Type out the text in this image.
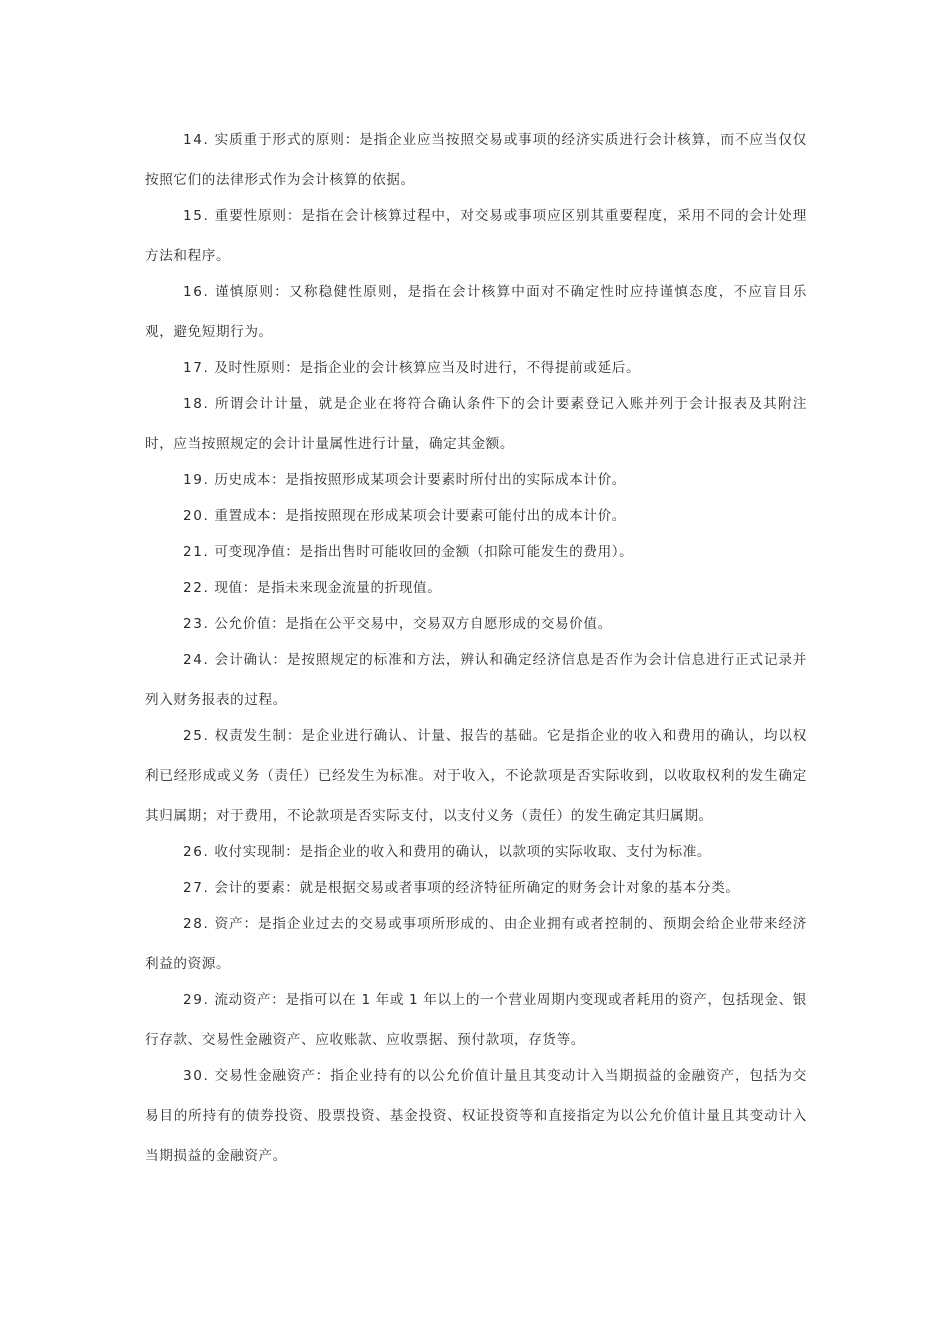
14. 实质重于形式的原则：是指企业应当按照交易或事项的经济实质进行会计核算，而不应当仅仅按照它们的法律形式作为会计核算的依据。

15. 重要性原则：是指在会计核算过程中，对交易或事项应区别其重要程度，采用不同的会计处理方法和程序。

16. 谨慎原则：又称稳健性原则，是指在会计核算中面对不确定性时应持谨慎态度，不应盲目乐观，避免短期行为。

17. 及时性原则：是指企业的会计核算应当及时进行，不得提前或延后。

18. 所谓会计计量，就是企业在将符合确认条件下的会计要素登记入账并列于会计报表及其附注时，应当按照规定的会计计量属性进行计量，确定其金额。

19. 历史成本：是指按照形成某项会计要素时所付出的实际成本计价。

20. 重置成本：是指按照现在形成某项会计要素可能付出的成本计价。

21. 可变现净值：是指出售时可能收回的金额（扣除可能发生的费用）。

22. 现值：是指未来现金流量的折现值。

23. 公允价值：是指在公平交易中，交易双方自愿形成的交易价值。

24. 会计确认：是按照规定的标准和方法，辨认和确定经济信息是否作为会计信息进行正式记录并列入财务报表的过程。

25. 权责发生制：是企业进行确认、计量、报告的基础。它是指企业的收入和费用的确认，均以权利已经形成或义务（责任）已经发生为标准。对于收入，不论款项是否实际收到，以收取权利的发生确定其归属期；对于费用，不论款项是否实际支付，以支付义务（责任）的发生确定其归属期。

26. 收付实现制：是指企业的收入和费用的确认，以款项的实际收取、支付为标准。

27. 会计的要素：就是根据交易或者事项的经济特征所确定的财务会计对象的基本分类。

28. 资产：是指企业过去的交易或事项所形成的、由企业拥有或者控制的、预期会给企业带来经济利益的资源。

29. 流动资产：是指可以在 1 年或 1 年以上的一个营业周期内变现或者耗用的资产，包括现金、银行存款、交易性金融资产、应收账款、应收票据、预付款项，存货等。

30. 交易性金融资产：指企业持有的以公允价值计量且其变动计入当期损益的金融资产，包括为交易目的所持有的债券投资、股票投资、基金投资、权证投资等和直接指定为以公允价值计量且其变动计入当期损益的金融资产。
